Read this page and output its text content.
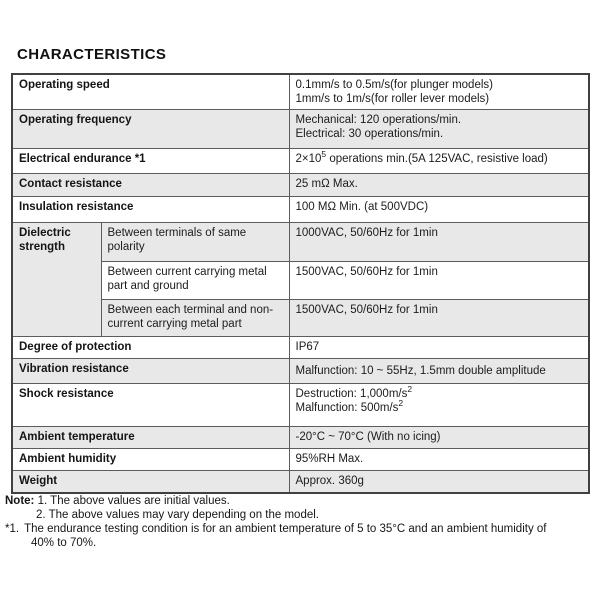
CHARACTERISTICS
Operating speed		0.1mm/s to 0.5m/s(for plunger models)
1mm/s to 1m/s(for roller lever models)

Operating frequency		Mechanical: 120 operations/min.
Electrical: 30 operations/min.

Electrical endurance *1		$2\times 10^5$ operations min.(5A 125VAC, resistive load)
Contact resistance		25 mΩ Max.
Insulation resistance		100 MΩ Min. (at 500VDC)
Dielectric strength	Between terminals of same polarity	1000VAC, 50/60Hz for 1min
	Between current carrying metal part and ground	1500VAC, 50/60Hz for 1min
	Between each terminal and non-current carrying metal part	1500VAC, 50/60Hz for 1min
Degree of protection		IP67
Vibration resistance		Malfunction: 10 ~ 55Hz, 1.5mm double amplitude
Shock resistance		Destruction: $1,000m/s^2$
Malfunction: $500m/s^2$

Ambient temperature		-20°C ~ 70°C (With no icing)
Ambient humidity		95%RH Max.
Weight		Approx. 360g
Note: 1. The above values are initial values.
2. The above values may vary depending on the model.
*1. The endurance testing condition is for an ambient temperature of 5 to 35°C and an ambient humidity of
40% to 70%.
